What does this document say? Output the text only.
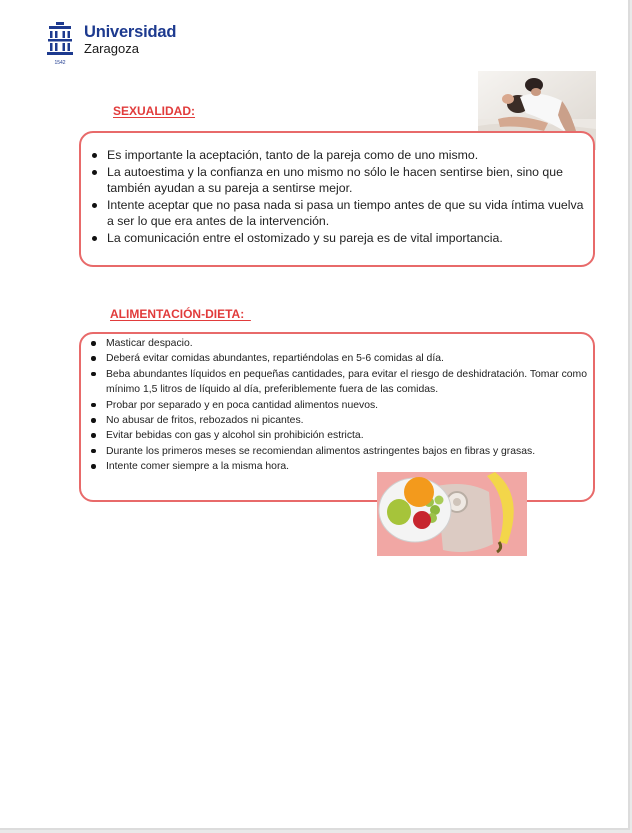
1542
Universidad
Zaragoza
SEXUALIDAD:
Es importante la aceptación, tanto de la pareja como de uno mismo.
La autoestima y la confianza en uno mismo no sólo le hacen sentirse bien, sino que también ayudan a su pareja a sentirse mejor.
Intente aceptar que no pasa nada si pasa un tiempo antes de que su vida íntima vuelva a ser lo que era antes de la intervención.
La comunicación entre el ostomizado y su pareja es de vital importancia.
ALIMENTACIÓN-DIETA:
Masticar despacio.
Deberá evitar comidas abundantes, repartiéndolas en 5-6 comidas al día.
Beba abundantes líquidos en pequeñas cantidades, para evitar el riesgo de deshidratación. Tomar como mínimo 1,5 litros de líquido al día, preferiblemente fuera de las comidas.
Probar por separado y en poca cantidad alimentos nuevos.
No abusar de fritos, rebozados ni picantes.
Evitar bebidas con gas y alcohol sin prohibición estricta.
Durante los primeros meses se recomiendan alimentos astringentes bajos en fibras y grasas.
Intente comer siempre a la misma hora.
